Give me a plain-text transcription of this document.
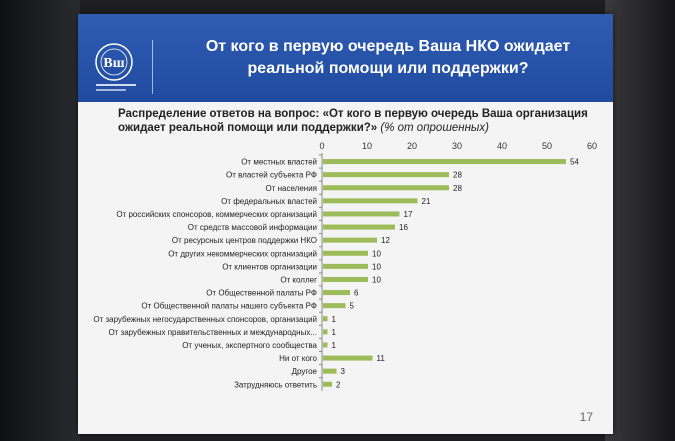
Вш
От кого в первую очередь Ваша НКО ожидает реальной помощи или поддержки?
Распределение ответов на вопрос: «От кого в первую очередь Ваша организация ожидает реальной помощи или поддержки?» (% от опрошенных)
0	10	20	30	40	50	60
От местных властей	54
От властей субъекта РФ	28
От населения	28
От федеральных властей	21
От российских спонсоров, коммерческих организаций	17
От средств массовой информации	16
От ресурсных центров поддержки НКО	12
От других некоммерческих организаций	10
От клиентов организации	10
От коллег	10
От Общественной палаты РФ	6
От Общественной палаты нашего субъекта РФ	5
От зарубежных негосударственных спонсоров, организаций 1
От зарубежных правительственных и международных... 1
От ученых, экспертного сообщества 1
Ни от кого	11
Другое	3
Затрудняюсь ответить 2
17
